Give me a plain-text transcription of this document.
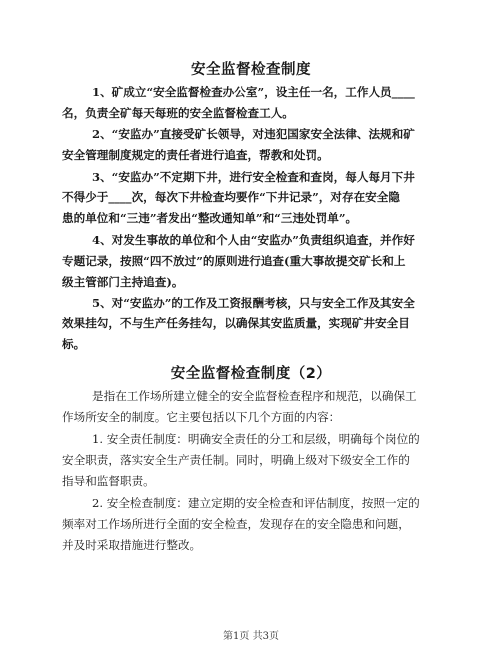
安全监督检查制度
1、矿成立“安全监督检查办公室”，设主任一名，工作人员____
名，负责全矿每天每班的安全监督检查工人。
2、“安监办”直接受矿长领导，对违犯国家安全法律、法规和矿
安全管理制度规定的责任者进行追查，帮教和处罚。
3、“安监办”不定期下井，进行安全检查和查岗，每人每月下井
不得少于____次，每次下井检查均要作“下井记录”，对存在安全隐
患的单位和“三违”者发出“整改通知单”和“三违处罚单”。
4、对发生事故的单位和个人由“安监办”负责组织追查，并作好
专题记录，按照“四不放过”的原则进行追查(重大事故提交矿长和上
级主管部门主持追查)。
5、对“安监办”的工作及工资报酬考核，只与安全工作及其安全
效果挂勾，不与生产任务挂勾，以确保其安监质量，实现矿井安全目
标。
安全监督检查制度（2）
是指在工作场所建立健全的安全监督检查程序和规范，以确保工
作场所安全的制度。它主要包括以下几个方面的内容：
1. 安全责任制度：明确安全责任的分工和层级，明确每个岗位的
安全职责，落实安全生产责任制。同时，明确上级对下级安全工作的
指导和监督职责。
2. 安全检查制度：建立定期的安全检查和评估制度，按照一定的
频率对工作场所进行全面的安全检查，发现存在的安全隐患和问题，
并及时采取措施进行整改。
第1页 共3页
